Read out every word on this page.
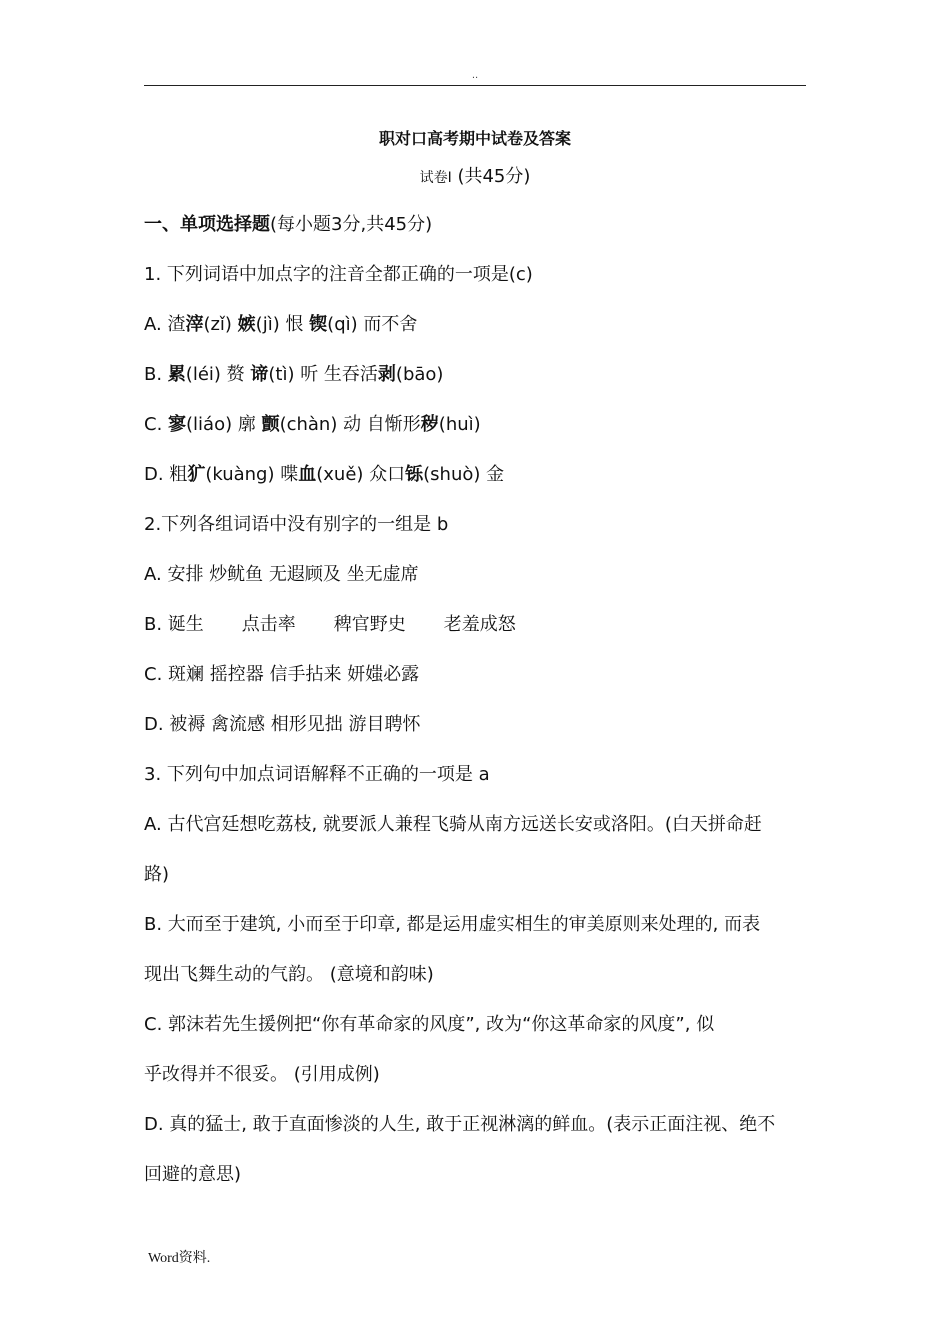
..
职对口高考期中试卷及答案
试卷Ⅰ (共45分)
一、单项选择题(每小题3分,共45分)
1. 下列词语中加点字的注音全都正确的一项是(c)
A. 渣滓(zǐ) 嫉(jì) 恨 锲(qì) 而不舍
B. 累(léi) 赘 谛(tì) 听 生吞活剥(bāo)
C. 寥(liáo) 廓 颤(chàn) 动 自惭形秽(huì)
D. 粗犷(kuàng) 喋血(xuě) 众口铄(shuò) 金
2.下列各组词语中没有别字的一组是 b
A. 安排 炒鱿鱼 无遐顾及 坐无虚席
B. 诞生 点击率 稗官野史 老羞成怒
C. 斑斓 摇控器 信手拈来 妍媸必露
D. 被褥 禽流感 相形见拙 游目聘怀
3. 下列句中加点词语解释不正确的一项是 a
A. 古代宫廷想吃荔枝, 就要派人兼程飞骑从南方远送长安或洛阳。(白天拼命赶
路)
B. 大而至于建筑, 小而至于印章, 都是运用虚实相生的审美原则来处理的, 而表
现出飞舞生动的气韵。 (意境和韵味)
C. 郭沫若先生援例把“你有革命家的风度”, 改为“你这革命家的风度”, 似
乎改得并不很妥。 (引用成例)
D. 真的猛士, 敢于直面惨淡的人生, 敢于正视淋漓的鲜血。(表示正面注视、绝不
回避的意思)
Word资料.
